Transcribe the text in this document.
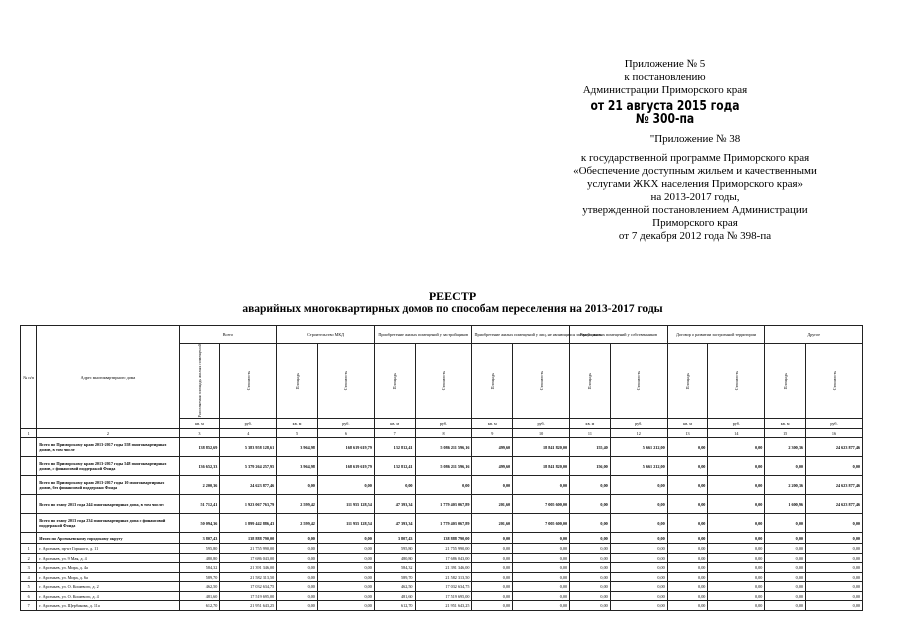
Приложение № 5
к постановлению
Администрации Приморского края
от 21 августа 2015 года № 300-па
"Приложение № 38
к государственной программе Приморского края
«Обеспечение доступным жильем и качественными
услугами ЖКХ населения Приморского края»
на 2013-2017 годы,
утвержденной постановлением Администрации
Приморского края
от 7 декабря 2012 года № 398-па
РЕЕСТР
аварийных многоквартирных домов по способам переселения на 2013-2017 годы
№ п/п	Адрес многоквартирного дома	Всего		Строительство МКД		Приобретение жилых помещений у застройщиков		Приобретение жилых помещений у лиц, не являющихся застройщиком		Выкуп жилых помещений у собственников		Договор о развитии застроенной территории		Другое	
		Расселяемая площадь жилых помещений	Стоимость	Площадь	Стоимость	Площадь	Стоимость	Площадь	Стоимость	Площадь	Стоимость	Площадь	Стоимость	Площадь	Стоимость
		кв. м	руб.	кв. м	руб.	кв. м	руб.	кв. м	руб.	кв. м	руб.	кв. м	руб.	кв. м	руб.
1	2	3	4	5	6	7	8	9	10	11	12	13	14	15	16
	Всего по Приморскому краю 2013-2017 годы 558 многоквартирных домов, в том числе	138 852,69	5 383 958 128,61	3 964,98	168 619 619,79	132 812,41	5 086 211 596,16	499,60	18 841 820,00	155,40	5 661 212,00	0,00	0,00	2 300,36	24 623 877,46
	Всего по Приморскому краю 2013-2017 годы 548 многоквартирных домов, с финансовой поддержкой Фонда	136 652,33	5 379 264 257,95	3 964,98	168 619 619,79	132 812,41	5 086 211 596,16	499,60	18 841 820,00	156,00	5 661 212,00	0,00	0,00	0,00	0,00
	Всего по Приморскому краю 2013-2017 годы 10 многоквартирных домов, без финансовой поддержки Фонда	2 200,36	24 623 877,46	0,00	0,00	0,00	0,00	0,00	0,00	0,00	0,00	0,00	0,00	2 200,36	24 623 877,46
	Всего по этапу 2013 года 244 многоквартирных дома, в том числе:	51 712,41	1 923 067 763,79	2 599,42	111 955 128,54	47 393,34	1 779 403 067,89	201,60	7 005 600,00	0,00	0,00	0,00	0,00	1 600,96	24 623 877,46
	Всего по этапу 2013 года 234 многоквартирных дома с финансовой поддержкой Фонда	50 094,36	1 899 442 886,43	2 599,42	111 955 128,54	47 393,34	1 779 403 067,89	201,60	7 005 600,00	0,00	0,00	0,00	0,00	0,00	0,00
	Итого по Арсеньевскому городскому округу	3 807,43	138 888 790,00	0,00	0,00	3 807,43	138 888 790,00	0,00	0,00	0,00	0,00	0,00	0,00	0,00	0,00
1	г. Арсеньев, пр-кт Горького, д. 11	595,80	21 755 990,00	0,00	0,00	595,80	21 755 990,00	0,00	0,00	0,00	0,00	0,00	0,00	0,00	0,00
2	г. Арсеньев, ул. 9 Мая, д. 4	480,80	17 686 043,00	0,00	0,00	480,80	17 686 043,00	0,00	0,00	0,00	0,00	0,00	0,00	0,00	0,00
3	г. Арсеньев, ул. Мира, д. 4а	584,32	21 391 346,00	0,00	0,00	584,32	21 391 346,00	0,00	0,00	0,00	0,00	0,00	0,00	0,00	0,00
4	г. Арсеньев, ул. Мира, д. 6а	589,70	21 582 313,50	0,00	0,00	589,70	21 582 313,50	0,00	0,00	0,00	0,00	0,00	0,00	0,00	0,00
5	г. Арсеньев, ул. О. Кошевого, д. 2	462,50	17 032 634,75	0,00	0,00	462,50	17 032 634,75	0,00	0,00	0,00	0,00	0,00	0,00	0,00	0,00
6	г. Арсеньев, ул. О. Кошевого, д. 4	481,60	17 519 695,00	0,00	0,00	481,60	17 519 695,00	0,00	0,00	0,00	0,00	0,00	0,00	0,00	0,00
7	г. Арсеньев, ул. Щербакова, д. 11а	612,70	21 951 643,25	0,00	0,00	612,70	21 951 643,25	0,00	0,00	0,00	0,00	0,00	0,00	0,00	0,00
